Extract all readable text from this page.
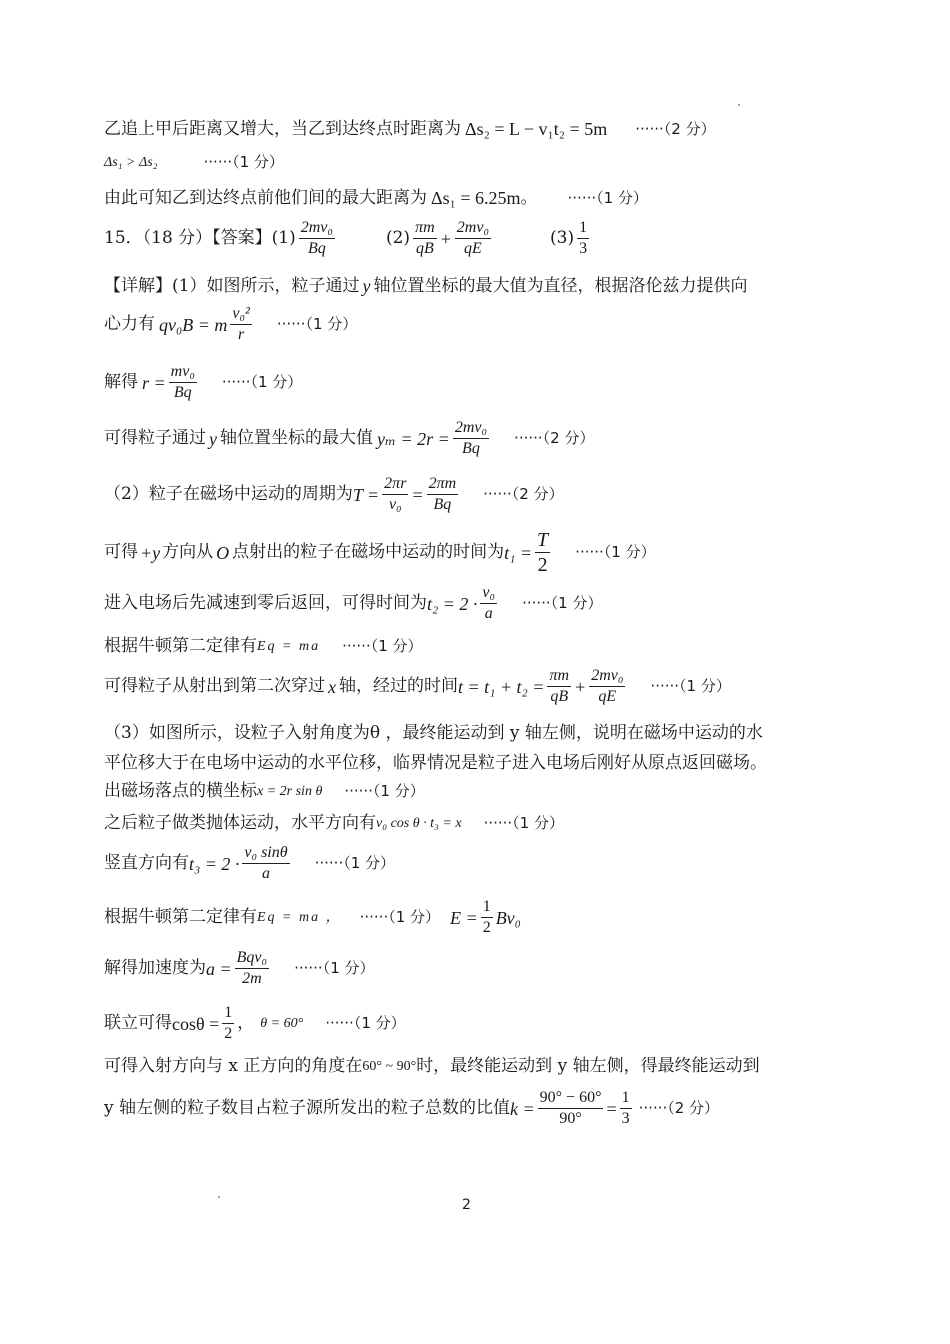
乙追上甲后距离又增大，当乙到达终点时距离为 Δs₂ = L − v₁t₂ = 5m ······（2 分）
Δs₁ > Δs₂	······（1 分）
由此可知乙到达终点前他们间的最大距离为 Δs₁ = 6.25m 。 ······（1 分）
15．（18 分）【答案】$(1) \frac{\text{2mv₀}}{Bq}$	$(2) \frac{\pi m}{qB} + \frac{\text{2mv₀}}{qE}$	$(3) \frac{1}{3}$
【详解】(1）如图所示，粒子通过 y 轴位置坐标的最大值为直径，根据洛伦兹力提供向
心力有 qv₀B = m $\frac{\text{v₀²}}{r} \cdot\cdot\cdot\cdot\cdot\cdot(1$ 分）
解得 $r = \frac{\text{mv₀}}{Bq} \cdot\cdot\cdot\cdot\cdot\cdot(1$ 分）
可得粒子通过 y 轴位置坐标的最大值 $y_m = 2r = \frac{\text{2mv₀}}{Bq} \cdot\cdot\cdot\cdot\cdot\cdot(2$ 分）
（2）粒子在磁场中运动的周期为 $T = \frac{2\pi r}{\text{v₀}} = \frac{2\pi m}{Bq} \cdot\cdot\cdot\cdot\cdot\cdot(2$ 分）
可得 +y 方向从 O 点射出的粒子在磁场中运动的时间为 $t_1 = \frac{T}{2} \cdot\cdot\cdot\cdot\cdot\cdot(1$ 分）
进入电场后先减速到零后返回，可得时间为 $t_2 = 2 \cdot \frac{\text{v₀}}{a} \cdot\cdot\cdot\cdot\cdot\cdot(1$ 分）
根据牛顿第二定律有 Eq = ma ······（1 分）
可得粒子从射出到第二次穿过 x 轴，经过的时间 $t = t_1 + t_2 = \frac{\pi m}{qB} + \frac{\text{2mv₀}}{qE} \cdot\cdot\cdot\cdot\cdot\cdot(1$ 分）
（3）如图所示，设粒子入射角度为θ ，最终能运动到 y 轴左侧，说明在磁场中运动的水
平位移大于在电场中运动的水平位移，临界情况是粒子进入电场后刚好从原点返回磁场。
出磁场落点的横坐标 x = 2r sin θ ······（1 分）
之后粒子做类抛体运动，水平方向有 v₀ cos θ · t₃ = x ······（1 分）
竖直方向有 $t_3 = 2 \cdot \frac{\text{v₀ sinθ}}{a} \cdot\cdot\cdot\cdot\cdot\cdot(1$ 分）
根据牛顿第二定律有 Eq = ma ， ······（1 分） $E = \frac{1}{2} Bv_0$
解得加速度为 $a = \frac{\text{Bqv₀}}{2m} \cdot\cdot\cdot\cdot\cdot\cdot(1$ 分）
联立可得 $\cos\theta = \frac{1}{2}$ ， θ = 60° ······（1 分）
可得入射方向与 x 正方向的角度在 60° ~ 90° 时，最终能运动到 y 轴左侧，得最终能运动到
y 轴左侧的粒子数目占粒子源所发出的粒子总数的比值 $k = \frac{90^\circ - 60^\circ}{90^\circ} = \frac{1}{3} \cdot\cdot\cdot\cdot\cdot\cdot(2$ 分）
2
